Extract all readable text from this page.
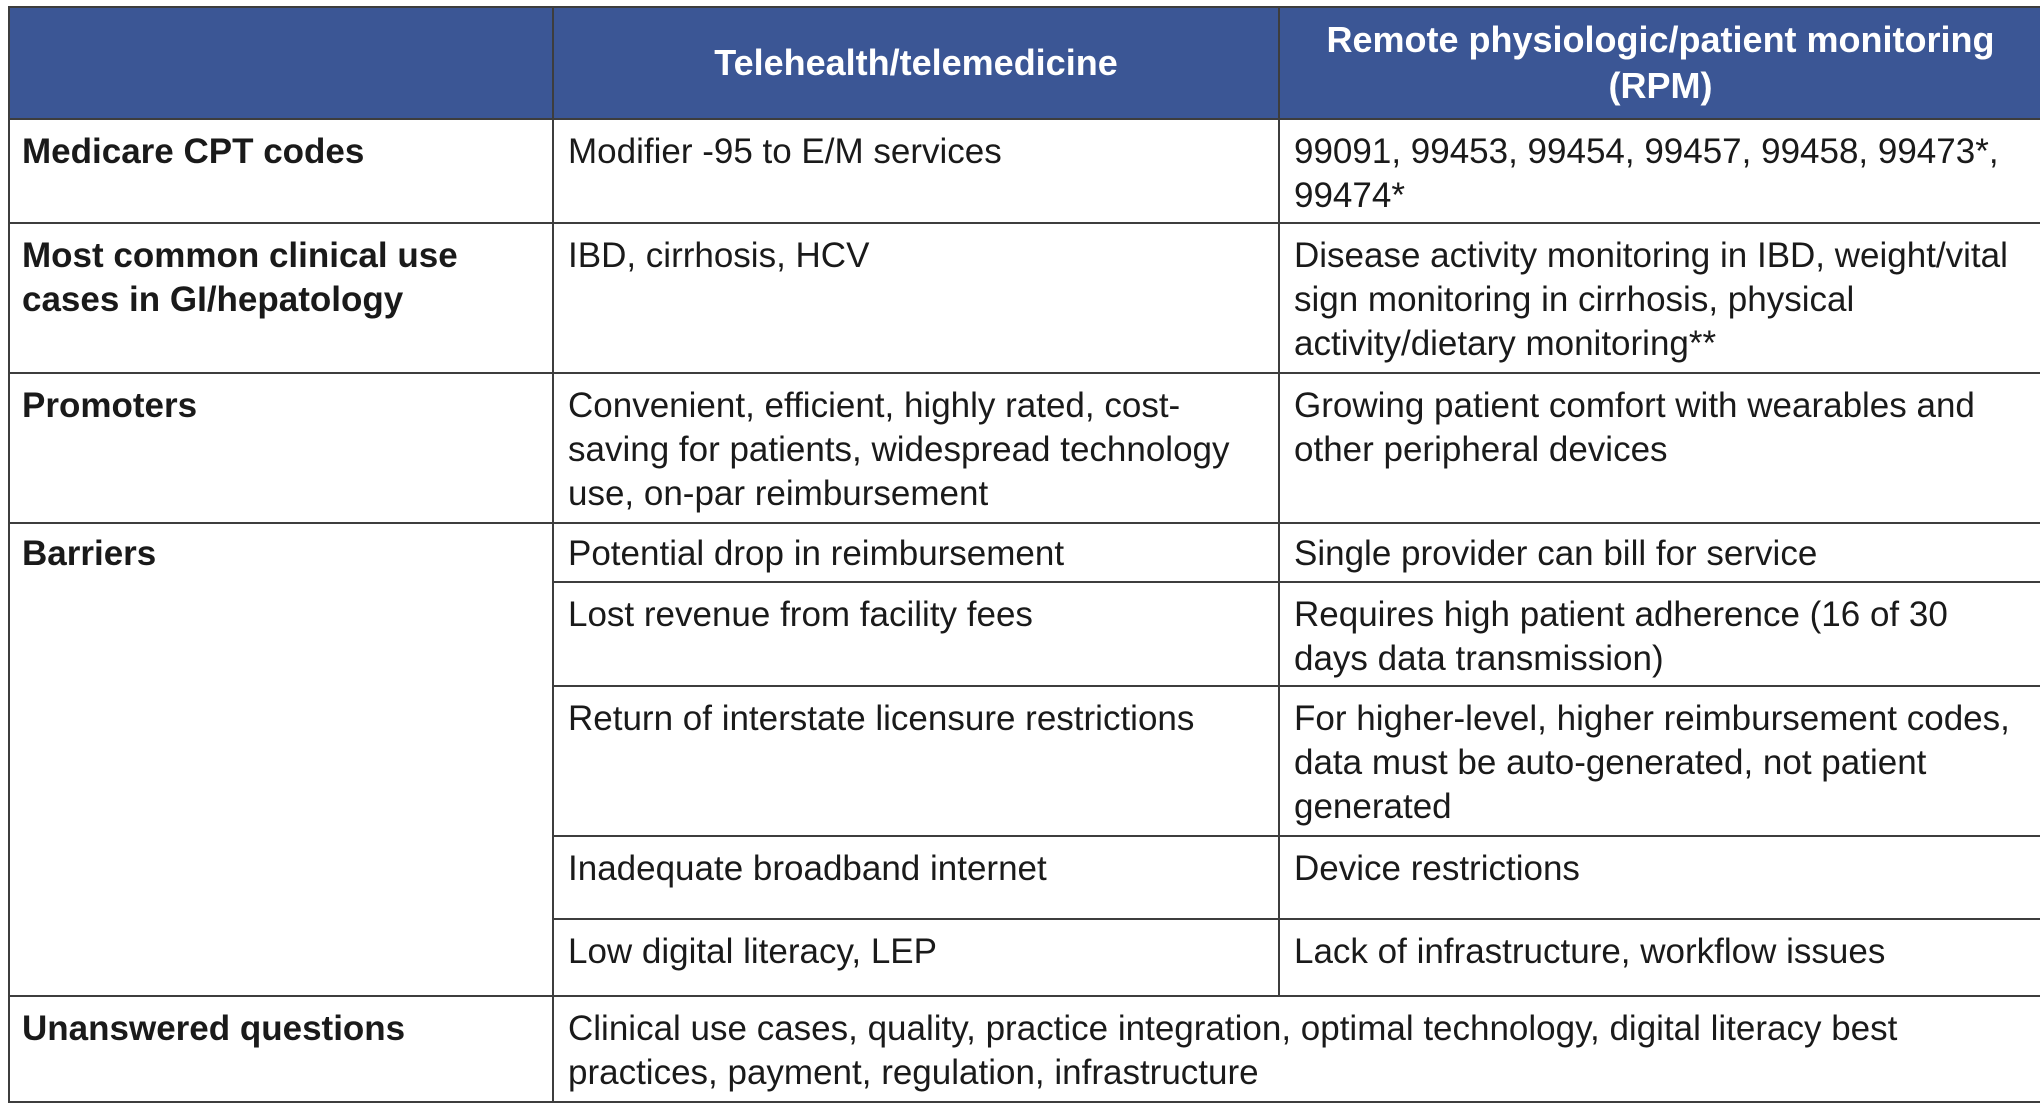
	Telehealth/telemedicine	Remote physiologic/patient monitoring (RPM)
Medicare CPT codes	Modifier -95 to E/M services	99091, 99453, 99454, 99457, 99458, 99473*, 99474*
Most common clinical use cases in GI/hepatology	IBD, cirrhosis, HCV	Disease activity monitoring in IBD, weight/vital sign monitoring in cirrhosis, physical activity/dietary monitoring**
Promoters	Convenient, efficient, highly rated, cost-saving for patients, widespread technology use, on-par reimbursement	Growing patient comfort with wearables and other peripheral devices
Barriers	Potential drop in reimbursement	Single provider can bill for service
	Lost revenue from facility fees	Requires high patient adherence (16 of 30 days data transmission)
	Return of interstate licensure restrictions	For higher-level, higher reimbursement codes, data must be auto-generated, not patient generated
	Inadequate broadband internet	Device restrictions
	Low digital literacy, LEP	Lack of infrastructure, workflow issues
Unanswered questions	Clinical use cases, quality, practice integration, optimal technology, digital literacy best practices, payment, regulation, infrastructure	
